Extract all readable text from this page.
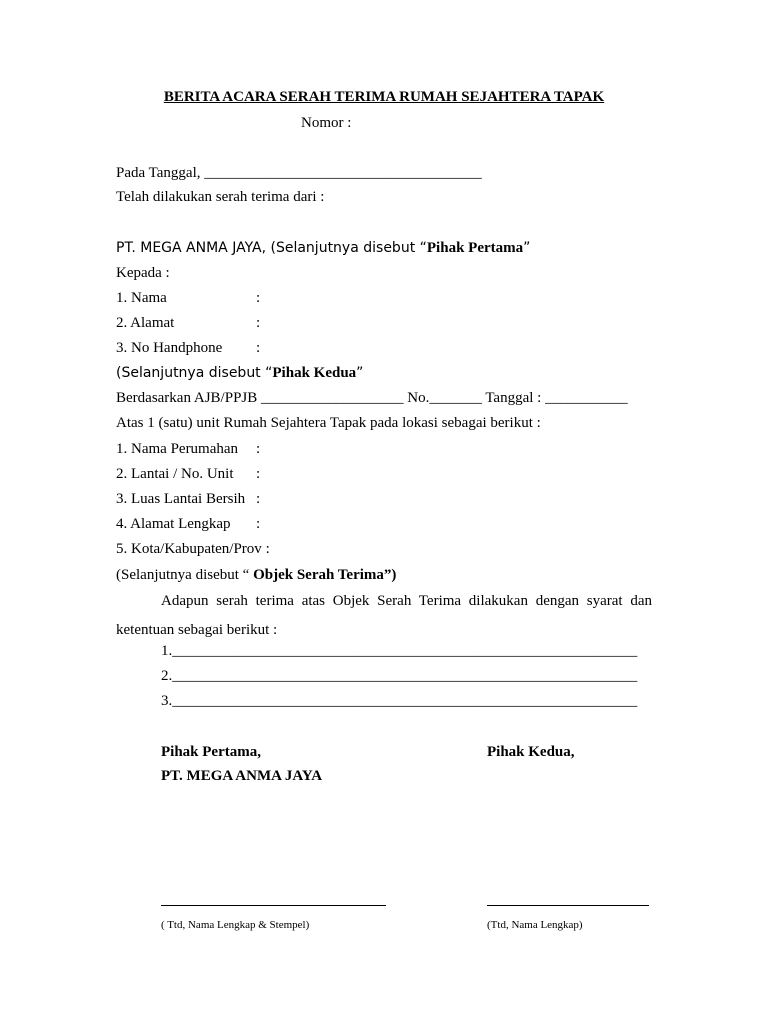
BERITA ACARA SERAH TERIMA RUMAH SEJAHTERA TAPAK
Nomor :
Pada Tanggal, _____________________________________
Telah dilakukan serah terima dari :
PT. MEGA ANMA JAYA, (Selanjutnya disebut “Pihak Pertama”
Kepada :
1. Nama	:
2. Alamat	:
3. No Handphone :
(Selanjutnya disebut “Pihak Kedua”
Berdasarkan AJB/PPJB ___________________ No._______ Tanggal : ___________
Atas 1 (satu) unit Rumah Sejahtera Tapak pada lokasi sebagai berikut :
1. Nama Perumahan :
2. Lantai / No. Unit :
3. Luas Lantai Bersih :
4. Alamat Lengkap :
5. Kota/Kabupaten/Prov :
(Selanjutnya disebut “ Objek Serah Terima”)
Adapun serah terima atas Objek Serah Terima dilakukan dengan syarat dan ketentuan sebagai berikut :
1.______________________________________________________________
2.______________________________________________________________
3.______________________________________________________________
Pihak Pertama,	Pihak Kedua,
PT. MEGA ANMA JAYA
( Ttd, Nama Lengkap & Stempel)	(Ttd, Nama Lengkap)
